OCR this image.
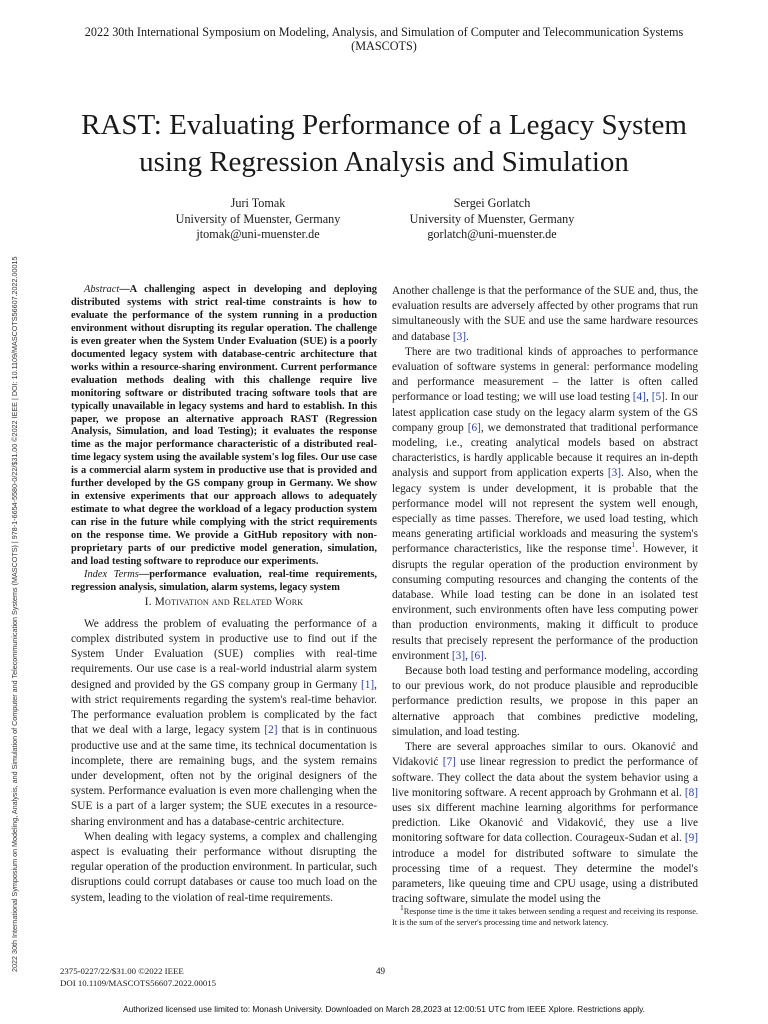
2022 30th International Symposium on Modeling, Analysis, and Simulation of Computer and Telecommunication Systems (MASCOTS) | 978-1-6654-5580-0/22/$31.00 ©2022 IEEE | DOI: 10.1109/MASCOTS56607.2022.00015
2022 30th International Symposium on Modeling, Analysis, and Simulation of Computer and Telecommunication Systems
(MASCOTS)
RAST: Evaluating Performance of a Legacy System
using Regression Analysis and Simulation
Juri Tomak
University of Muenster, Germany
jtomak@uni-muenster.de
Sergei Gorlatch
University of Muenster, Germany
gorlatch@uni-muenster.de

Abstract—A challenging aspect in developing and deploying distributed systems with strict real-time constraints is how to evaluate the performance of the system running in a production environment without disrupting its regular operation. The challenge is even greater when the System Under Evaluation (SUE) is a poorly documented legacy system with database-centric architecture that works within a resource-sharing environment. Current performance evaluation methods dealing with this challenge require live monitoring software or distributed tracing software tools that are typically unavailable in legacy systems and hard to establish. In this paper, we propose an alternative approach RAST (Regression Analysis, Simulation, and load Testing); it evaluates the response time as the major performance characteristic of a distributed real-time legacy system using the available system's log files. Our use case is a commercial alarm system in productive use that is provided and further developed by the GS company group in Germany. We show in extensive experiments that our approach allows to adequately estimate to what degree the workload of a legacy production system can rise in the future while complying with the strict requirements on the response time. We provide a GitHub repository with non-proprietary parts of our predictive model generation, simulation, and load testing software to reproduce our experiments.

Index Terms—performance evaluation, real-time requirements, regression analysis, simulation, alarm systems, legacy system

I. Motivation and Related Work

We address the problem of evaluating the performance of a complex distributed system in productive use to find out if the System Under Evaluation (SUE) complies with real-time requirements. Our use case is a real-world industrial alarm system designed and provided by the GS company group in Germany [1], with strict requirements regarding the system's real-time behavior. The performance evaluation problem is complicated by the fact that we deal with a large, legacy system [2] that is in continuous productive use and at the same time, its technical documentation is incomplete, there are remaining bugs, and the system remains under development, often not by the original designers of the system. Performance evaluation is even more challenging when the SUE is a part of a larger system; the SUE executes in a resource-sharing environment and has a database-centric architecture.

When dealing with legacy systems, a complex and challenging aspect is evaluating their performance without disrupting the regular operation of the production environment. In particular, such disruptions could corrupt databases or cause too much load on the system, leading to the violation of real-time requirements.

Another challenge is that the performance of the SUE and, thus, the evaluation results are adversely affected by other programs that run simultaneously with the SUE and use the same hardware resources and database [3].

There are two traditional kinds of approaches to performance evaluation of software systems in general: performance modeling and performance measurement – the latter is often called performance or load testing; we will use load testing [4], [5]. In our latest application case study on the legacy alarm system of the GS company group [6], we demonstrated that traditional performance modeling, i.e., creating analytical models based on abstract characteristics, is hardly applicable because it requires an in-depth analysis and support from application experts [3]. Also, when the legacy system is under development, it is probable that the performance model will not represent the system well enough, especially as time passes. Therefore, we used load testing, which means generating artificial workloads and measuring the system's performance characteristics, like the response time$^1$. However, it disrupts the regular operation of the production environment by consuming computing resources and changing the contents of the database. While load testing can be done in an isolated test environment, such environments often have less computing power than production environments, making it difficult to produce results that precisely represent the performance of the production environment [3], [6].

Because both load testing and performance modeling, according to our previous work, do not produce plausible and reproducible performance prediction results, we propose in this paper an alternative approach that combines predictive modeling, simulation, and load testing.

There are several approaches similar to ours. Okanović and Vidaković [7] use linear regression to predict the performance of software. They collect the data about the system behavior using a live monitoring software. A recent approach by Grohmann et al. [8] uses six different machine learning algorithms for performance prediction. Like Okanović and Vidaković, they use a live monitoring software for data collection. Courageux-Sudan et al. [9] introduce a model for distributed software to simulate the processing time of a request. They determine the model's parameters, like queuing time and CPU usage, using a distributed tracing software, simulate the model using the

$^1$Response time is the time it takes between sending a request and receiving its response. It is the sum of the server's processing time and network latency.
2375-0227/22/$31.00 ©2022 IEEE
DOI 10.1109/MASCOTS56607.2022.00015
49
Authorized licensed use limited to: Monash University. Downloaded on March 28,2023 at 12:00:51 UTC from IEEE Xplore. Restrictions apply.
